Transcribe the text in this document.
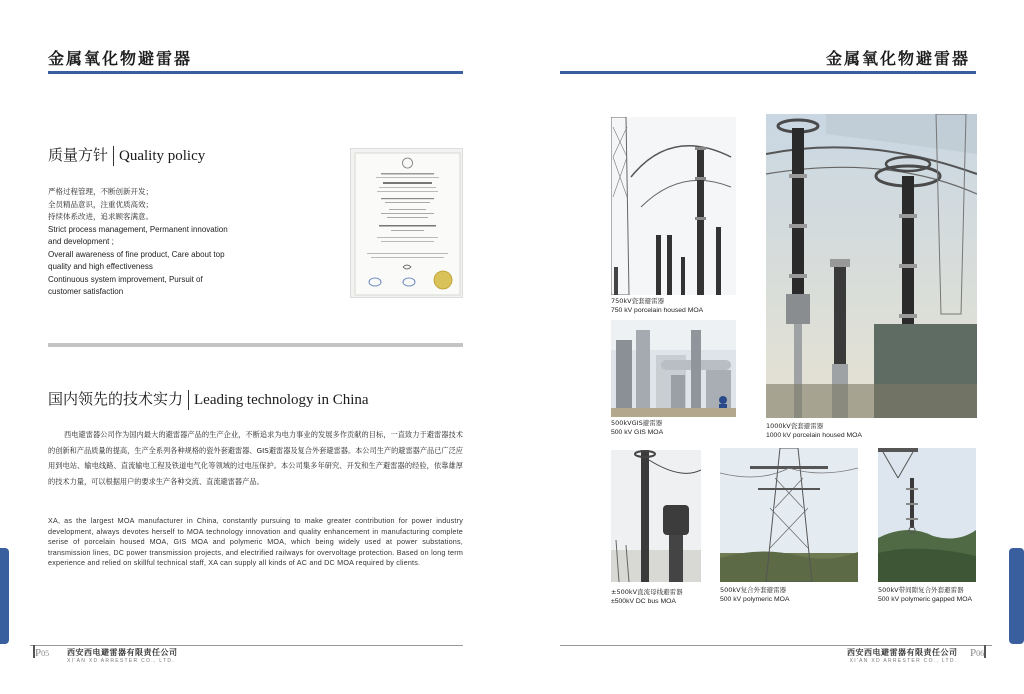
金属氧化物避雷器
质量方针 Quality policy
严格过程管理，不断创新开发；
全员精品意识，注重优质高效；
持续体系改进，追求顾客满意。
Strict process management, Permanent innovation
and development ;
Overall awareness of fine product, Care about top
quality and high effectiveness
Continuous system improvement, Pursuit of
customer satisfaction
国内领先的技术实力 Leading technology in China
西电避雷器公司作为国内最大的避雷器产品的生产企业，不断追求为电力事业的发展多作贡献的目标，一直致力于避雷器技术的创新和产品质量的提高，生产全系列各种规格的瓷外套避雷器、GIS避雷器及复合外套避雷器。本公司生产的避雷器产品已广泛应用到电站、输电线路、直流输电工程及铁道电气化等领域的过电压保护。本公司集多年研究、开发和生产避雷器的经验，依靠雄厚的技术力量，可以根据用户的要求生产各种交流、直流避雷器产品。
XA, as the largest MOA manufacturer in China, constantly pursuing to make greater contribution for power industry development, always devotes herself to MOA technology innovation and quality enhancement in manufacturing complete serise of porcelain housed MOA, GIS MOA and polymeric MOA, which being widely used at power substations, transmission lines, DC power transmission projects, and electrified railways for overvoltage protection. Based on long term experience and relied on skillful technical staff, XA can supply all kinds of AC and DC MOA required by clients.
P05 西安西电避雷器有限责任公司
XI'AN XD ARRESTER CO., LTD.
金属氧化物避雷器
750kV瓷套避雷器
750 kV porcelain housed MOA
500kVGIS避雷器
500 kV GIS MOA
1000kV瓷套避雷器
1000 kV porcelain housed MOA
±500kV直流母线避雷器
±500kV DC bus MOA
500kV复合外套避雷器
500 kV polymeric MOA
500kV带间隙复合外套避雷器
500 kV polymeric gapped MOA
西安西电避雷器有限责任公司
XI'AN XD ARRESTER CO., LTD.
P06
